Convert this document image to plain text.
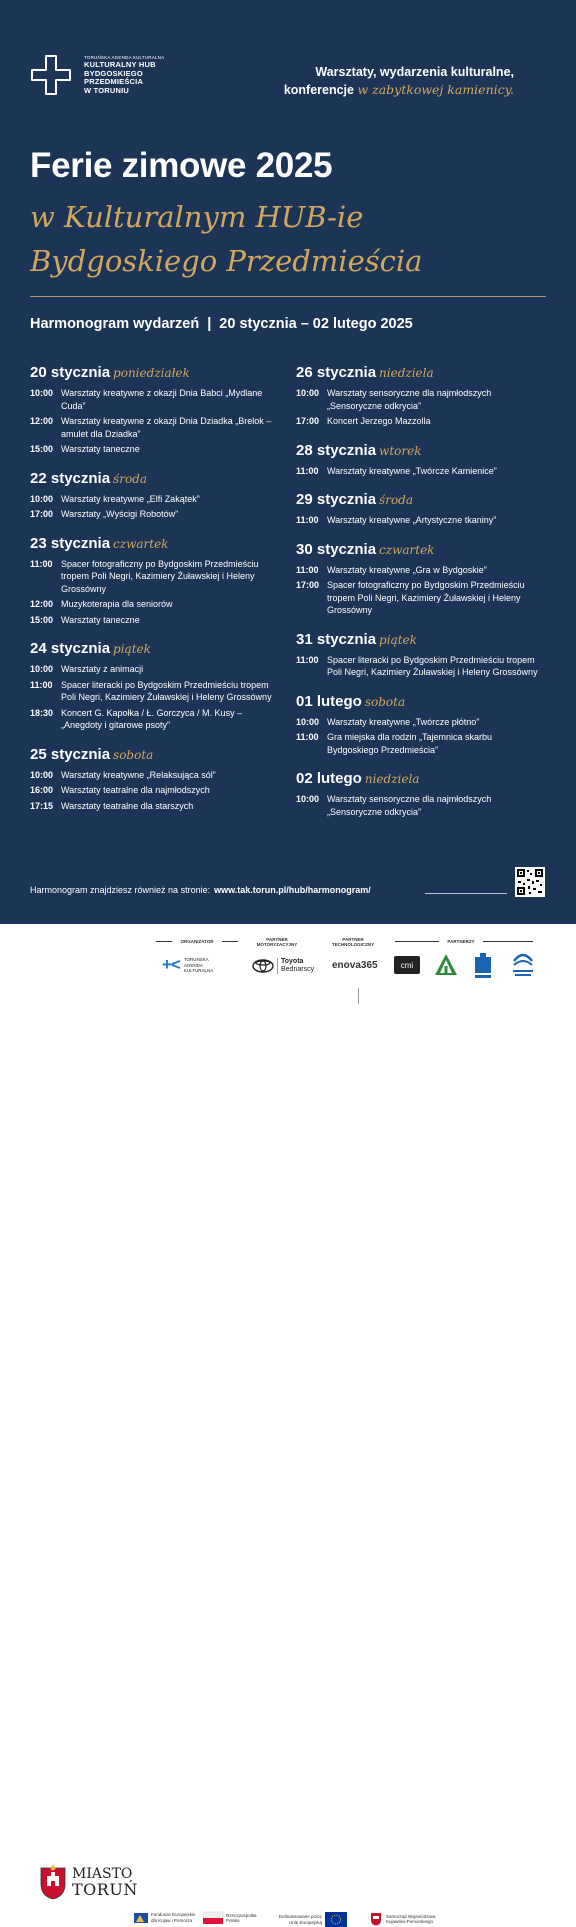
TORUŃSKA AGENDA KULTURALNA
KULTURALNY HUB
BYDGOSKIEGO
PRZEDMIEŚCIA
W TORUNIU
Warsztaty, wydarzenia kulturalne,
konferencje w zabytkowej kamienicy.
Ferie zimowe 2025
w Kulturalnym HUB-ie
Bydgoskiego Przedmieścia
Harmonogram wydarzeń | 20 stycznia – 02 lutego 2025
20 stycznia poniedziałek
10:00 Warsztaty kreatywne z okazji Dnia Babci „Mydlane Cuda”
12:00 Warsztaty kreatywne z okazji Dnia Dziadka „Brelok – amulet dla Dziadka”
15:00 Warsztaty taneczne
22 stycznia środa
10:00 Warsztaty kreatywne „Elfi Zakątek”
17:00 Warsztaty „Wyścigi Robotów”
23 stycznia czwartek
11:00 Spacer fotograficzny po Bydgoskim Przedmieściu tropem Poli Negri, Kazimiery Żuławskiej i Heleny Grossówny
12:00 Muzykoterapia dla seniorów
15:00 Warsztaty taneczne
24 stycznia piątek
10:00 Warsztaty z animacji
11:00 Spacer literacki po Bydgoskim Przedmieściu tropem Poli Negri, Kazimiery Żuławskiej i Heleny Grossówny
18:30 Koncert G. Kapołka / Ł. Gorczyca / M. Kusy – „Anegdoty i gitarowe psoty”
25 stycznia sobota
10:00 Warsztaty kreatywne „Relaksująca sól”
16:00 Warsztaty teatralne dla najmłodszych
17:15 Warsztaty teatralne dla starszych
26 stycznia niedziela
10:00 Warsztaty sensoryczne dla najmłodszych „Sensoryczne odkrycia”
17:00 Koncert Jerzego Mazzolla
28 stycznia wtorek
11:00 Warsztaty kreatywne „Twórcze Kamienice”
29 stycznia środa
11:00 Warsztaty kreatywne „Artystyczne tkaniny”
30 stycznia czwartek
11:00 Warsztaty kreatywne „Gra w Bydgoskie”
17:00 Spacer fotograficzny po Bydgoskim Przedmieściu tropem Poli Negri, Kazimiery Żuławskiej i Heleny Grossówny
31 stycznia piątek
11:00 Spacer literacki po Bydgoskim Przedmieściu tropem Poli Negri, Kazimiery Żuławskiej i Heleny Grossówny
01 lutego sobota
10:00 Warsztaty kreatywne „Twórcze płótno”
11:00 Gra miejska dla rodzin „Tajemnica skarbu Bydgoskiego Przedmieścia”
02 lutego niedziela
10:00 Warsztaty sensoryczne dla najmłodszych „Sensoryczne odkrycia”
Harmonogram znajdziesz również na stronie: www.tak.torun.pl/hub/harmonogram/
MIASTO
TORUŃ
ORGANIZATOR	PARTNER MOTORYZACYJNY
PARTNER TECHNOLOGICZNY
PARTNERZY
+< TORUŃSKA AGENDA KULTURALNA
Toyota
Bednarscy enova365	cmi
Fundusze Europejskie dla Kujaw i Pomorza
Rzeczpospolita Polska
Dofinansowane przez Unię Europejską
Samorząd Województwa Kujawsko-Pomorskiego
